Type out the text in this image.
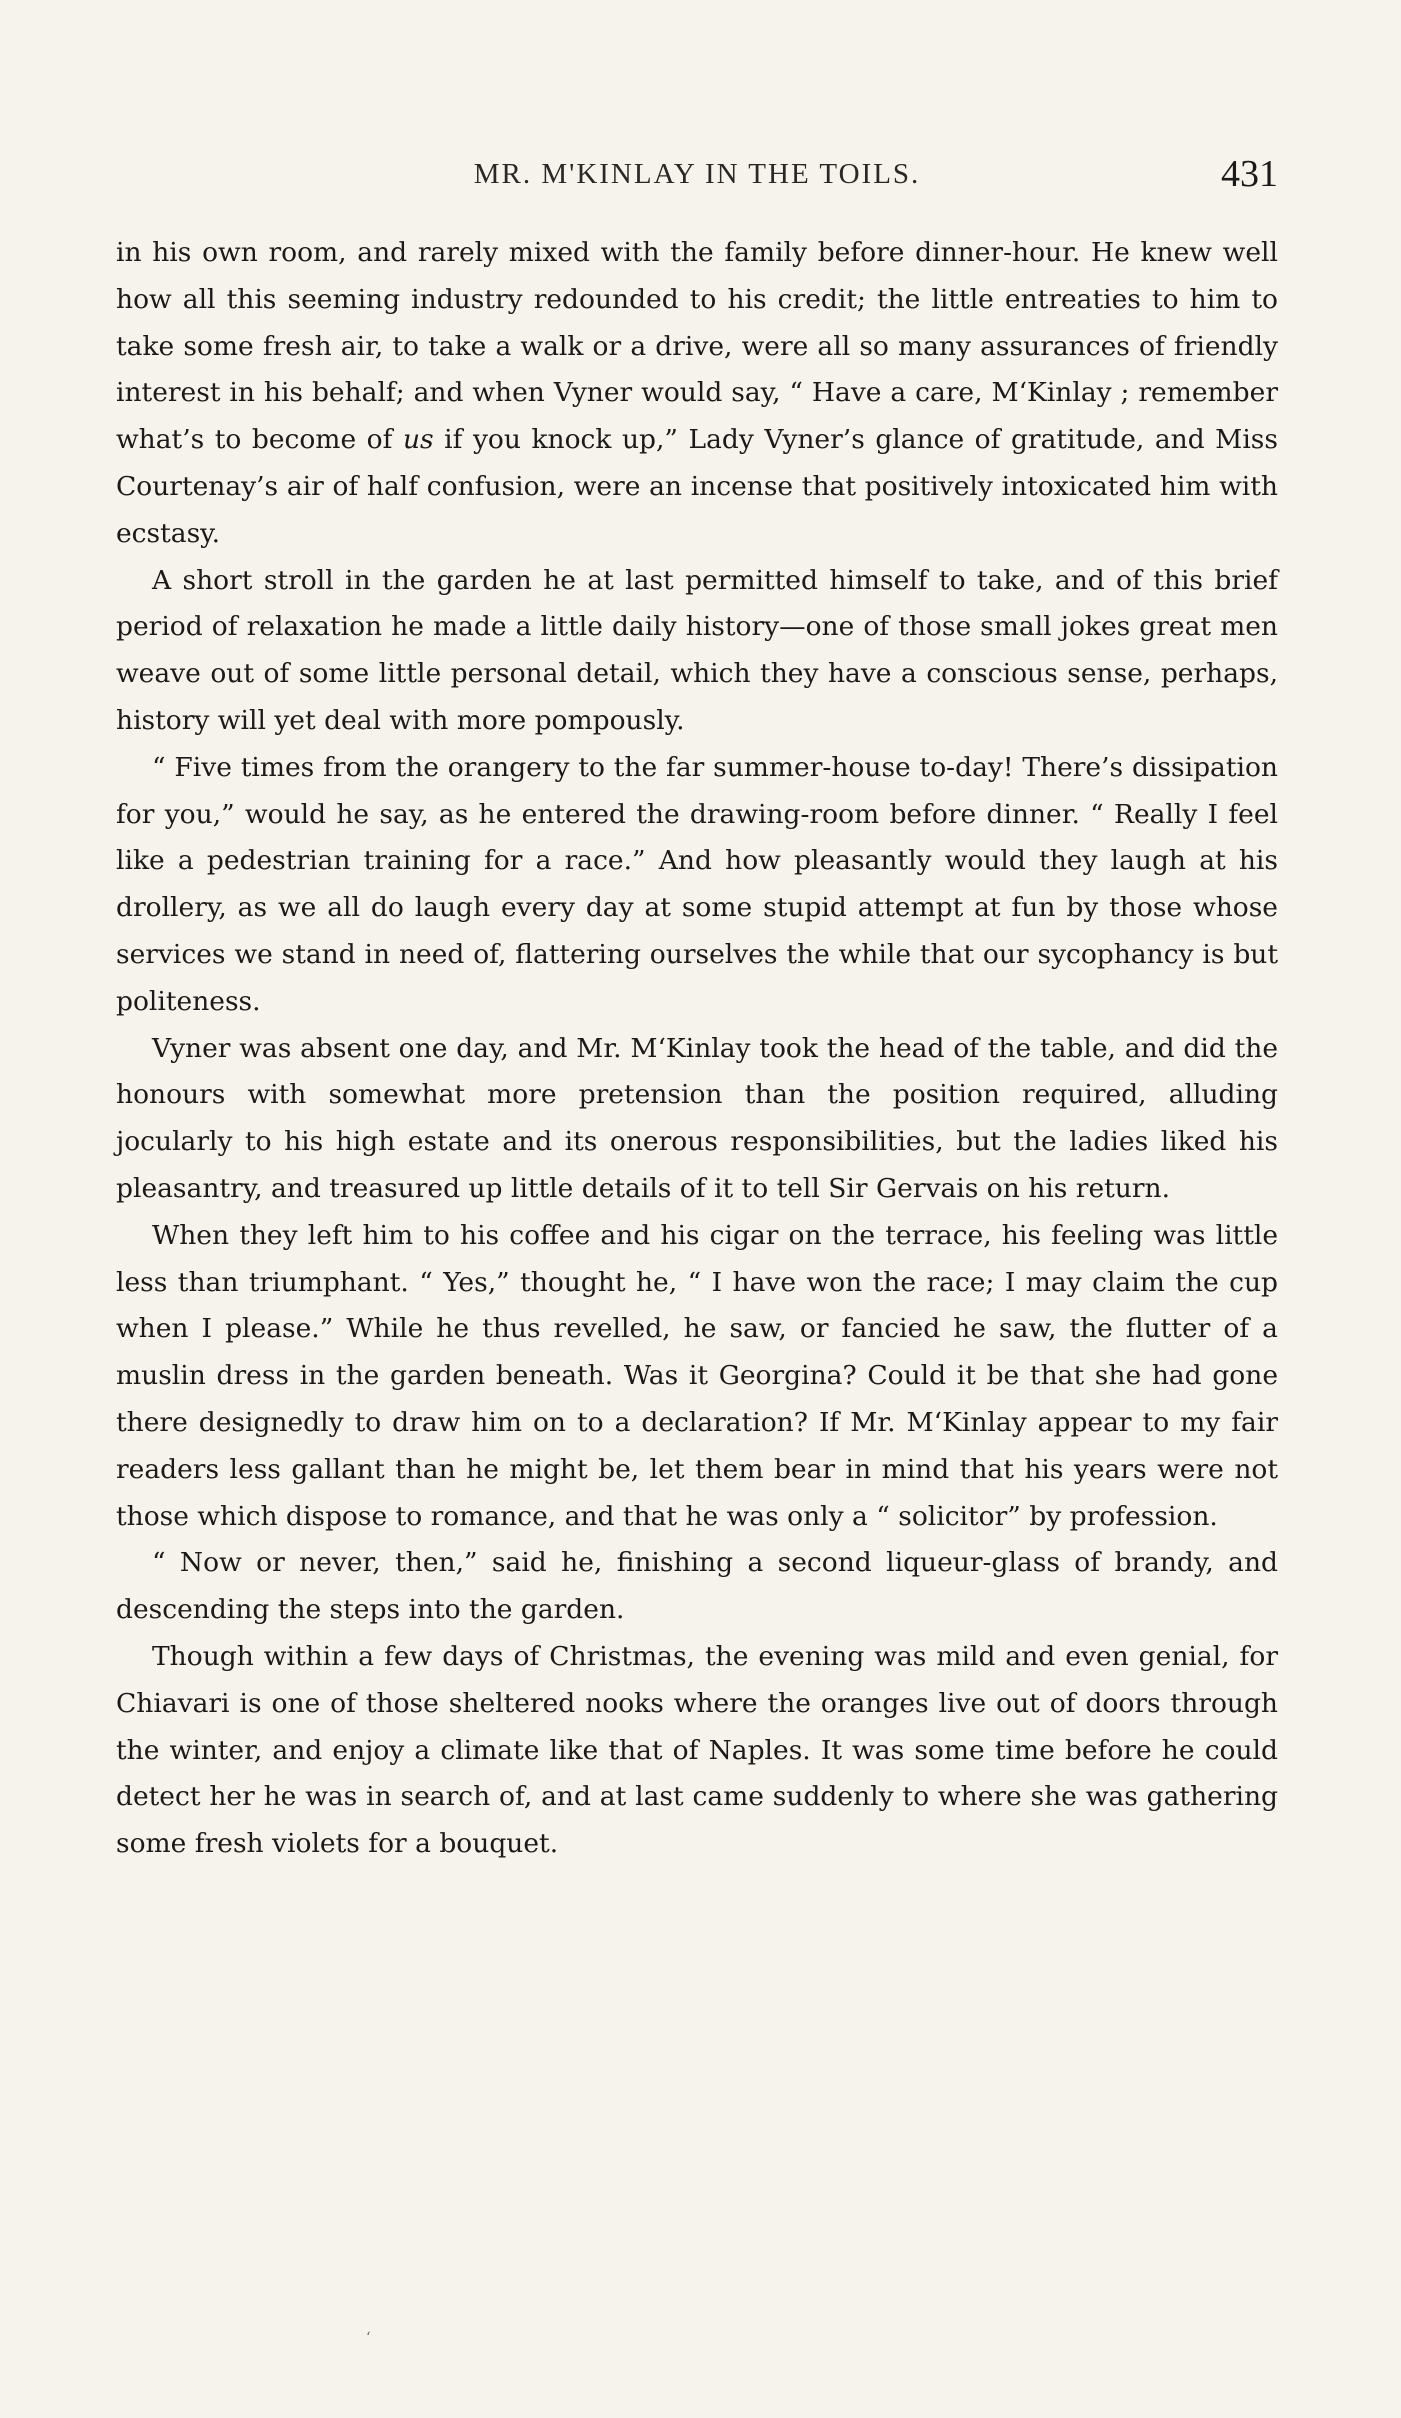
MR. M'KINLAY IN THE TOILS.	431

in his own room, and rarely mixed with the family before dinner-hour. He knew well how all this seeming industry redounded to his credit; the little entreaties to him to take some fresh air, to take a walk or a drive, were all so many assurances of friendly interest in his behalf; and when Vyner would say, “ Have a care, M‘Kinlay ; remember what’s to become of us if you knock up,” Lady Vyner’s glance of gratitude, and Miss Courtenay’s air of half confusion, were an incense that positively intoxicated him with ecstasy.

A short stroll in the garden he at last permitted himself to take, and of this brief period of relaxation he made a little daily history—one of those small jokes great men weave out of some little personal detail, which they have a conscious sense, perhaps, history will yet deal with more pompously.

“ Five times from the orangery to the far summer-house to-day! There’s dissipation for you,” would he say, as he entered the drawing-room before dinner. “ Really I feel like a pedestrian training for a race.” And how pleasantly would they laugh at his drollery, as we all do laugh every day at some stupid attempt at fun by those whose services we stand in need of, flattering ourselves the while that our sycophancy is but politeness.

Vyner was absent one day, and Mr. M‘Kinlay took the head of the table, and did the honours with somewhat more pretension than the position required, alluding jocularly to his high estate and its onerous responsibilities, but the ladies liked his pleasantry, and treasured up little details of it to tell Sir Gervais on his return.

When they left him to his coffee and his cigar on the terrace, his feeling was little less than triumphant. “ Yes,” thought he, “ I have won the race; I may claim the cup when I please.” While he thus revelled, he saw, or fancied he saw, the flutter of a muslin dress in the garden beneath. Was it Georgina? Could it be that she had gone there designedly to draw him on to a declaration? If Mr. M‘Kinlay appear to my fair readers less gallant than he might be, let them bear in mind that his years were not those which dispose to romance, and that he was only a “ solicitor” by profession.

“ Now or never, then,” said he, finishing a second liqueur-glass of brandy, and descending the steps into the garden.

Though within a few days of Christmas, the evening was mild and even genial, for Chiavari is one of those sheltered nooks where the oranges live out of doors through the winter, and enjoy a climate like that of Naples. It was some time before he could detect her he was in search of, and at last came suddenly to where she was gathering some fresh violets for a bouquet.

‘
